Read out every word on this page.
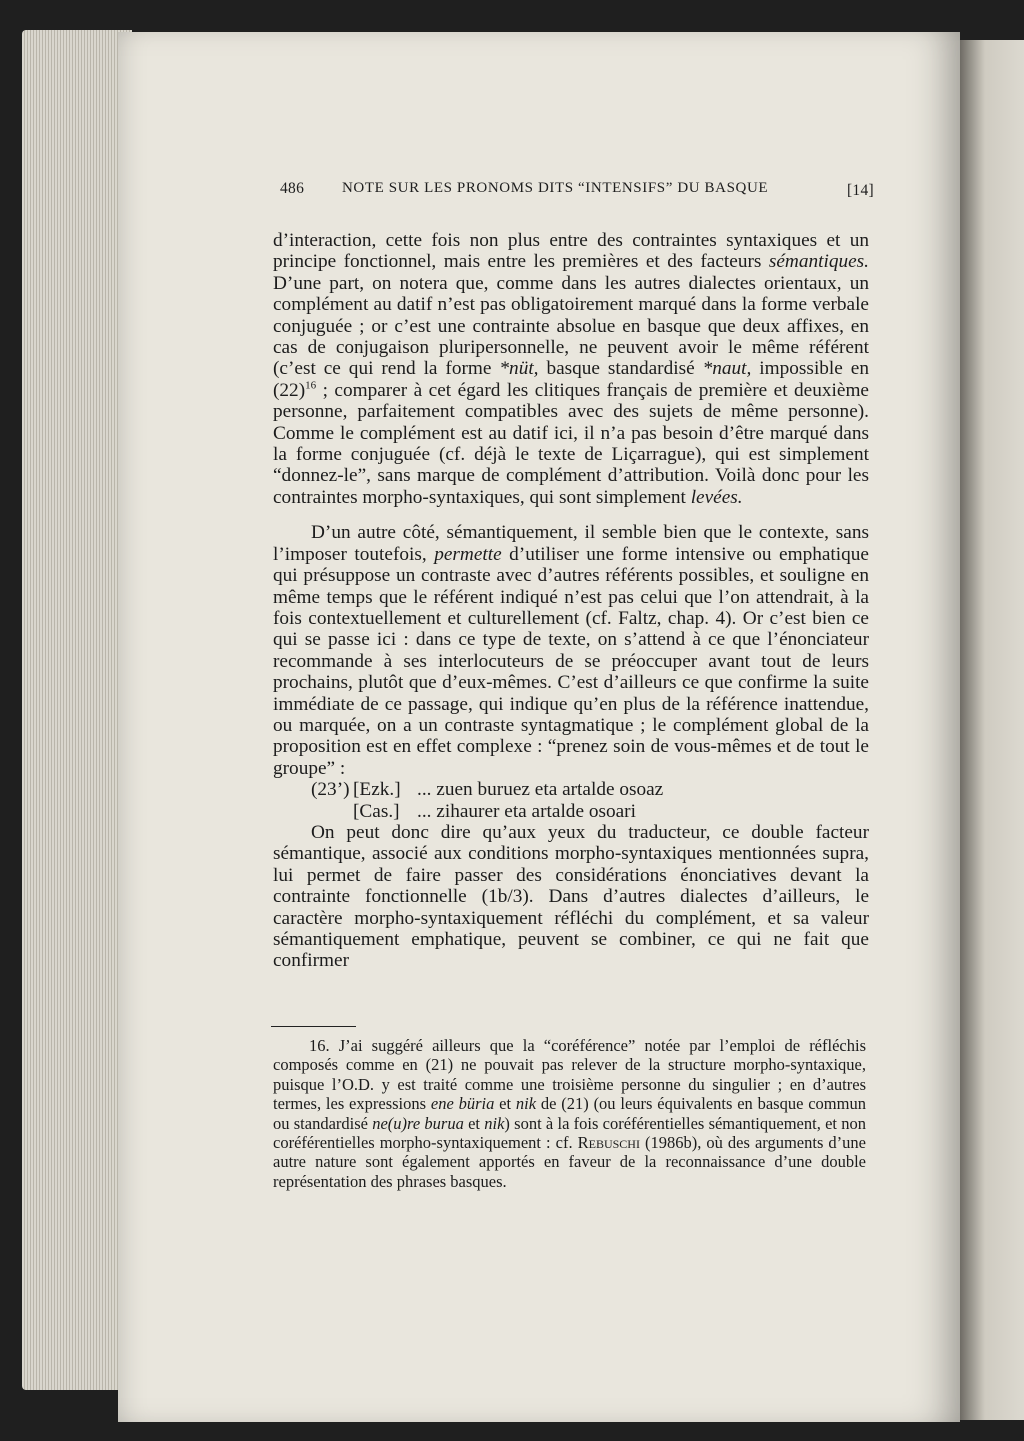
486	NOTE SUR LES PRONOMS DITS “INTENSIFS” DU BASQUE	[14]

d’interaction, cette fois non plus entre des contraintes syntaxiques et un principe fonctionnel, mais entre les premières et des facteurs sémantiques. D’une part, on notera que, comme dans les autres dialectes orientaux, un complément au datif n’est pas obligatoirement marqué dans la forme verbale conjuguée ; or c’est une contrainte absolue en basque que deux affixes, en cas de conjugaison pluripersonnelle, ne peuvent avoir le même référent (c’est ce qui rend la forme *nüt, basque standardisé *naut, impossible en $(22)^{16}$ ; comparer à cet égard les clitiques français de première et deuxième personne, parfaitement compatibles avec des sujets de même personne). Comme le complément est au datif ici, il n’a pas besoin d’être marqué dans la forme conjuguée (cf. déjà le texte de Liçarrague), qui est simplement “donnez-le”, sans marque de complément d’attribution. Voilà donc pour les contraintes morpho-syntaxiques, qui sont simplement levées.

D’un autre côté, sémantiquement, il semble bien que le contexte, sans l’imposer toutefois, permette d’utiliser une forme intensive ou emphatique qui présuppose un contraste avec d’autres référents possibles, et souligne en même temps que le référent indiqué n’est pas celui que l’on attendrait, à la fois contextuellement et culturellement (cf. Faltz, chap. 4). Or c’est bien ce qui se passe ici : dans ce type de texte, on s’attend à ce que l’énonciateur recommande à ses interlocuteurs de se préoccuper avant tout de leurs prochains, plutôt que d’eux-mêmes. C’est d’ailleurs ce que confirme la suite immédiate de ce passage, qui indique qu’en plus de la référence inattendue, ou marquée, on a un contraste syntagmatique ; le complément global de la proposition est en effet complexe : “prenez soin de vous-mêmes et de tout le groupe” :

(23’) [Ezk.] ... zuen buruez eta artalde osoaz
[Cas.] ... zihaurer eta artalde osoari

On peut donc dire qu’aux yeux du traducteur, ce double facteur sémantique, associé aux conditions morpho-syntaxiques mentionnées supra, lui permet de faire passer des considérations énonciatives devant la contrainte fonctionnelle (1b/3). Dans d’autres dialectes d’ailleurs, le caractère morpho-syntaxiquement réfléchi du complément, et sa valeur sémantiquement emphatique, peuvent se combiner, ce qui ne fait que confirmer

16. J’ai suggéré ailleurs que la “coréférence” notée par l’emploi de réfléchis composés comme en (21) ne pouvait pas relever de la structure morpho-syntaxique, puisque l’O.D. y est traité comme une troisième personne du singulier ; en d’autres termes, les expressions ene büria et nik de (21) (ou leurs équivalents en basque commun ou standardisé ne(u)re burua et nik) sont à la fois coréférentielles sémantiquement, et non coréférentielles morpho-syntaxiquement : cf. Rebuschi (1986b), où des arguments d’une autre nature sont également apportés en faveur de la reconnaissance d’une double représentation des phrases basques.
